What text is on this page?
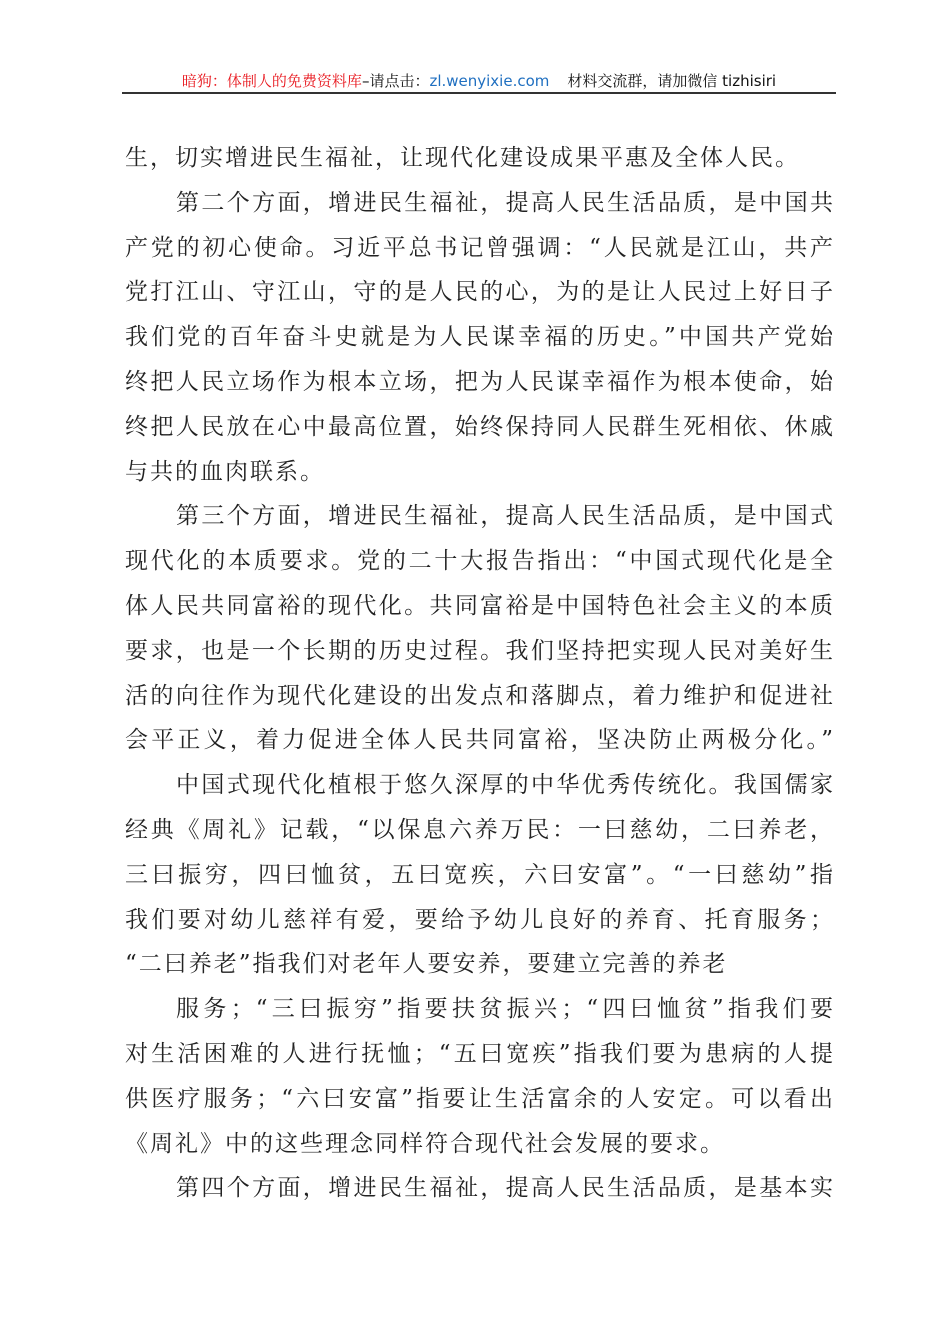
暗狗：体制人的免费资料库–请点击：zl.wenyixie.com 材料交流群，请加微信 tizhisiri
生，切实增进民生福祉，让现代化建设成果平惠及全体人民。
第二个方面，增进民生福祉，提高人民生活品质，是中国共
产党的初心使命。习近平总书记曾强调：“人民就是江山，共产
党打江山、守江山，守的是人民的心，为的是让人民过上好日子
我们党的百年奋斗史就是为人民谋幸福的历史。”中国共产党始
终把人民立场作为根本立场，把为人民谋幸福作为根本使命，始
终把人民放在心中最高位置，始终保持同人民群生死相依、休戚
与共的血肉联系。
第三个方面，增进民生福祉，提高人民生活品质，是中国式
现代化的本质要求。党的二十大报告指出：“中国式现代化是全
体人民共同富裕的现代化。共同富裕是中国特色社会主义的本质
要求，也是一个长期的历史过程。我们坚持把实现人民对美好生
活的向往作为现代化建设的出发点和落脚点，着力维护和促进社
会平正义，着力促进全体人民共同富裕，坚决防止两极分化。”
中国式现代化植根于悠久深厚的中华优秀传统化。我国儒家
经典《周礼》记载，“以保息六养万民：一曰慈幼，二曰养老，
三曰振穷，四曰恤贫，五曰宽疾，六曰安富”。“一曰慈幼”指
我们要对幼儿慈祥有爱，要给予幼儿良好的养育、托育服务；
“二曰养老”指我们对老年人要安养，要建立完善的养老
服务；“三曰振穷”指要扶贫振兴；“四曰恤贫”指我们要
对生活困难的人进行抚恤；“五曰宽疾”指我们要为患病的人提
供医疗服务；“六曰安富”指要让生活富余的人安定。可以看出
《周礼》中的这些理念同样符合现代社会发展的要求。
第四个方面，增进民生福祉，提高人民生活品质，是基本实
